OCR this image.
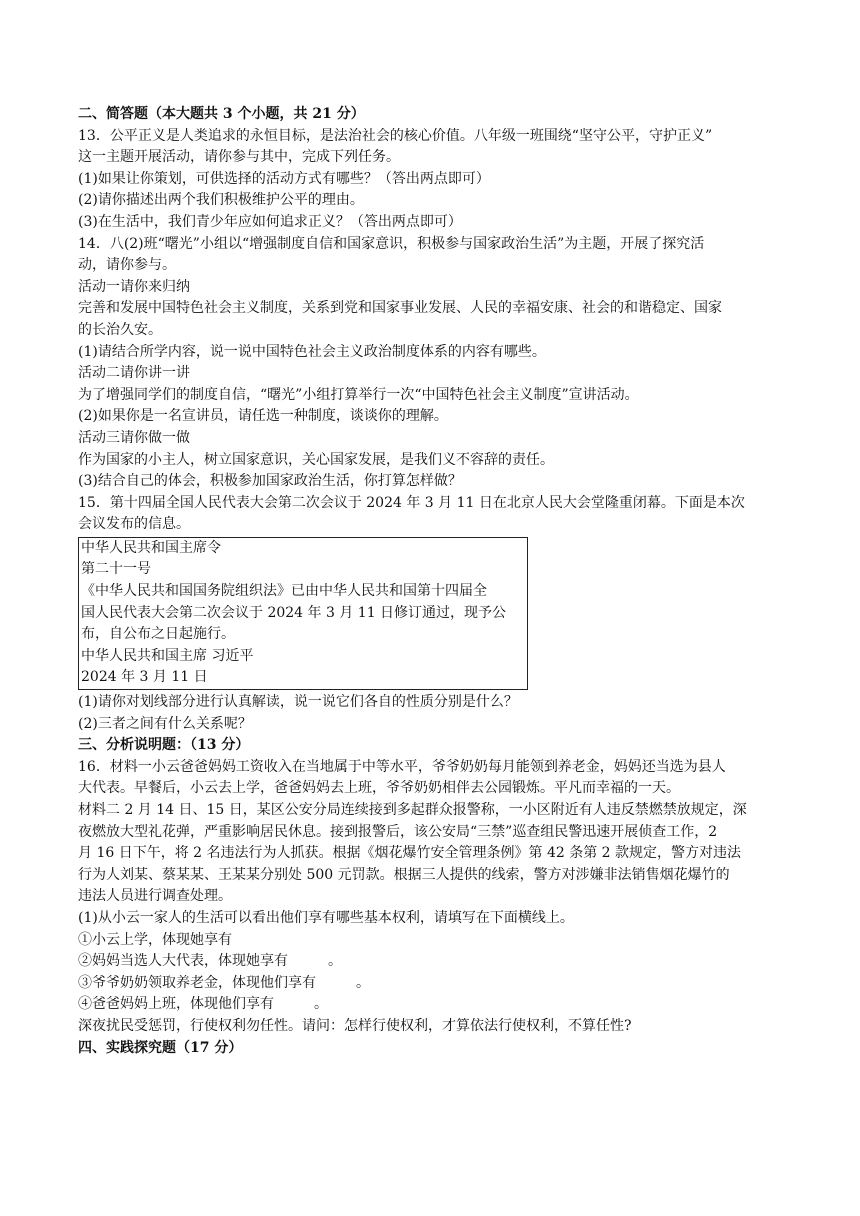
二、简答题（本大题共 3 个小题，共 21 分）
13．公平正义是人类追求的永恒目标，是法治社会的核心价值。八年级一班围绕“坚守公平，守护正义”
这一主题开展活动，请你参与其中，完成下列任务。
(1)如果让你策划，可供选择的活动方式有哪些？（答出两点即可）
(2)请你描述出两个我们积极维护公平的理由。
(3)在生活中，我们青少年应如何追求正义？（答出两点即可）
14．八(2)班“曙光”小组以“增强制度自信和国家意识，积极参与国家政治生活”为主题，开展了探究活
动，请你参与。
活动一请你来归纳
完善和发展中国特色社会主义制度，关系到党和国家事业发展、人民的幸福安康、社会的和谐稳定、国家
的长治久安。
(1)请结合所学内容，说一说中国特色社会主义政治制度体系的内容有哪些。
活动二请你讲一讲
为了增强同学们的制度自信，“曙光”小组打算举行一次“中国特色社会主义制度”宣讲活动。
(2)如果你是一名宣讲员，请任选一种制度，谈谈你的理解。
活动三请你做一做
作为国家的小主人，树立国家意识，关心国家发展，是我们义不容辞的责任。
(3)结合自己的体会，积极参加国家政治生活，你打算怎样做？
15．第十四届全国人民代表大会第二次会议于 2024 年 3 月 11 日在北京人民大会堂隆重闭幕。下面是本次
会议发布的信息。
中华人民共和国主席令
第二十一号
《中华人民共和国国务院组织法》已由中华人民共和国第十四届全
国人民代表大会第二次会议于 2024 年 3 月 11 日修订通过，现予公
布，自公布之日起施行。
中华人民共和国主席 习近平
2024 年 3 月 11 日
(1)请你对划线部分进行认真解读，说一说它们各自的性质分别是什么？
(2)三者之间有什么关系呢？
三、分析说明题：（13 分）
16．材料一小云爸爸妈妈工资收入在当地属于中等水平，爷爷奶奶每月能领到养老金，妈妈还当选为县人
大代表。早餐后，小云去上学，爸爸妈妈去上班，爷爷奶奶相伴去公园锻炼。平凡而幸福的一天。
材料二 2 月 14 日、15 日，某区公安分局连续接到多起群众报警称，一小区附近有人违反禁燃禁放规定，深
夜燃放大型礼花弹，严重影响居民休息。接到报警后，该公安局“三禁”巡查组民警迅速开展侦查工作，2
月 16 日下午，将 2 名违法行为人抓获。根据《烟花爆竹安全管理条例》第 42 条第 2 款规定，警方对违法
行为人刘某、蔡某某、王某某分别处 500 元罚款。根据三人提供的线索，警方对涉嫌非法销售烟花爆竹的
违法人员进行调查处理。
(1)从小云一家人的生活可以看出他们享有哪些基本权利，请填写在下面横线上。
①小云上学，体现她享有
②妈妈当选人大代表，体现她享有	。
③爷爷奶奶领取养老金，体现他们享有	。
④爸爸妈妈上班，体现他们享有	。
深夜扰民受惩罚，行使权利勿任性。请问：怎样行使权利，才算依法行使权利，不算任性?
四、实践探究题（17 分）
